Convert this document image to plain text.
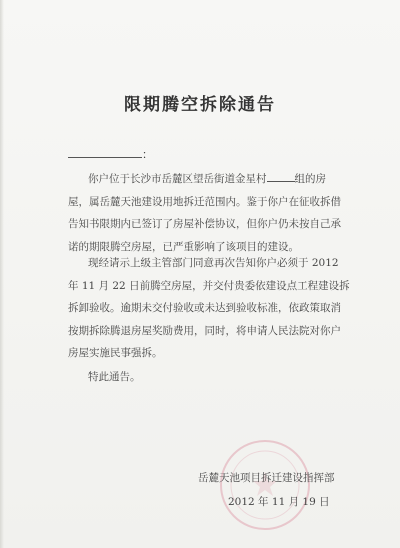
限期腾空拆除通告
：
你户位于长沙市岳麓区望岳街道金星村	组的房
屋，属岳麓天池建设用地拆迁范围内。鉴于你户在征收拆借
告知书限期内已签订了房屋补偿协议，但你户仍未按自己承
诺的期限腾空房屋，已严重影响了该项目的建设。
现经请示上级主管部门同意再次告知你户必须于 2012
年 11 月 22 日前腾空房屋，并交付贵委依建设点工程建设拆
拆卸验收。逾期未交付验收或未达到验收标准，依政策取消
按期拆除腾退房屋奖励费用，同时，将申请人民法院对你户
房屋实施民事强拆。
特此通告。
岳麓天池项目拆迁建设指挥部
2012 年 11 月 19 日
